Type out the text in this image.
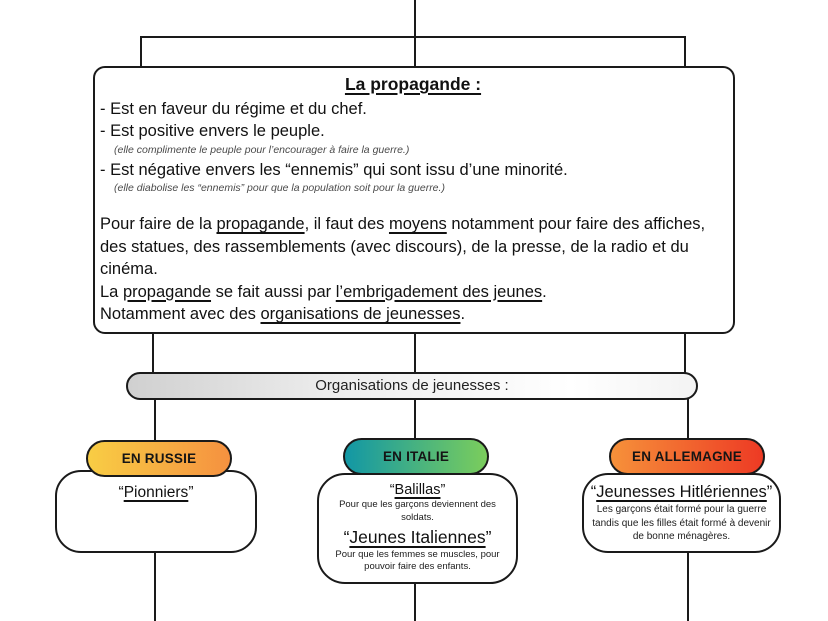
La propagande :
- Est en faveur du régime et du chef.
- Est positive envers le peuple.
(elle complimente le peuple pour l’encourager à faire la guerre.)
- Est négative envers les “ennemis” qui sont issu d’une minorité.
(elle diabolise les “ennemis” pour que la population soit pour la guerre.)
Pour faire de la propagande, il faut des moyens notamment pour faire des affiches, des statues, des rassemblements (avec discours), de la presse, de la radio et du cinéma.
La propagande se fait aussi par l’embrigadement des jeunes.
Notamment avec des organisations de jeunesses.
Organisations de jeunesses :
“Pionniers”
EN RUSSIE
“Balillas”
Pour que les garçons deviennent des soldats.
“Jeunes Italiennes”
Pour que les femmes se muscles, pour pouvoir faire des enfants.
EN ITALIE
“Jeunesses Hitlériennes”
Les garçons était formé pour la guerre tandis que les filles était formé à devenir de bonne ménagères.
EN ALLEMAGNE
